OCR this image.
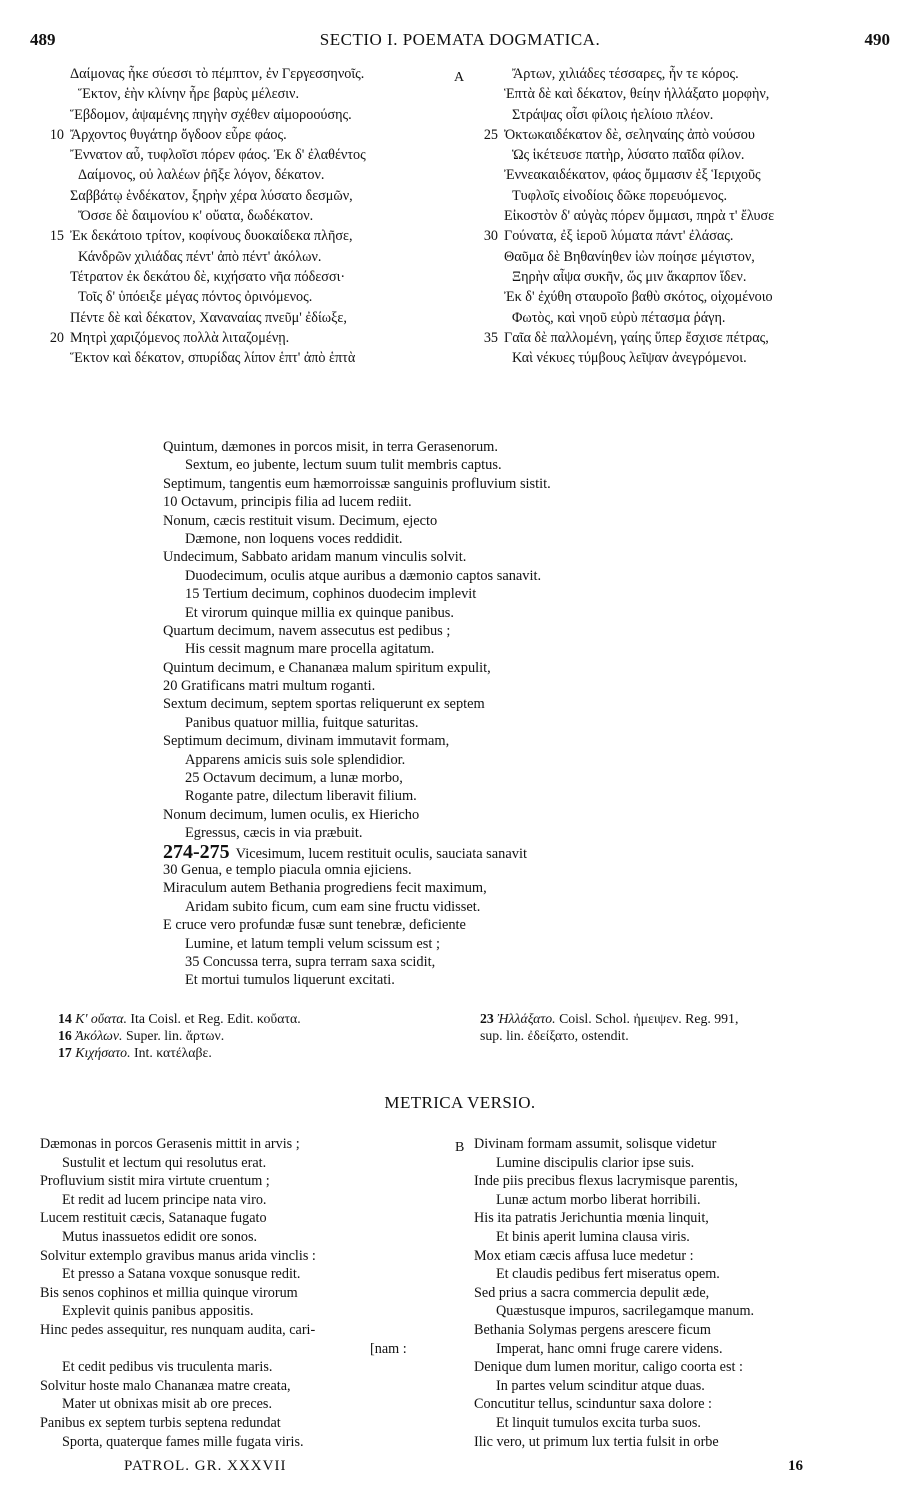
489	SECTIO I. POEMATA DOGMATICA.	490
Δαίμονας ἧκε σύεσσι τὸ πέμπτον, ἐν Γεργεσσηνοῖς.
Ἕκτον, ἑὴν κλίνην ἦρε βαρὺς μέλεσιν.
Ἕβδομον, ἀψαμένης πηγὴν σχέθεν αἱμοροούσης.
10 Ἄρχοντος θυγάτηρ ὄγδοον εὗρε φάος.
Ἔννατον αὖ, τυφλοῖσι πόρεν φάος. Ἐκ δ' ἐλαθέντος
Δαίμονος, οὐ λαλέων ῥῆξε λόγον, δέκατον.
Σαββάτῳ ἑνδέκατον, ξηρὴν χέρα λύσατο δεσμῶν,
Ὄσσε δὲ δαιμονίου κ' οὔατα, δωδέκατον.
15 Ἐκ δεκάτοιο τρίτον, κοφίνους δυοκαίδεκα πλῆσε,
Κάνδρῶν χιλιάδας πέντ' ἀπὸ πέντ' ἀκόλων.
Τέτρατον ἐκ δεκάτου δὲ, κιχήσατο νῆα πόδεσσι·
Τοῖς δ' ὑπόειξε μέγας πόντος ὀρινόμενος.
Πέντε δὲ καὶ δέκατον, Χαναναίας πνεῦμ' ἐδίωξε,
20 Μητρὶ χαριζόμενος πολλὰ λιταζομένῃ.
Ἕκτον καὶ δέκατον, σπυρίδας λίπον ἑπτ' ἀπὸ ἑπτὰ
A	Ἄρτων, χιλιάδες τέσσαρες, ἦν τε κόρος.
Ἑπτὰ δὲ καὶ δέκατον, θείην ἠλλάξατο μορφὴν,
Στράψας οἷσι φίλοις ἠελίοιο πλέον.
25 Ὀκτωκαιδέκατον δὲ, σεληναίης ἀπὸ νούσου
Ὡς ἱκέτευσε πατὴρ, λύσατο παῖδα φίλον.
Ἐννεακαιδέκατον, φάος ὄμμασιν ἐξ Ἱεριχοῦς
Τυφλοῖς εἰνοδίοις δῶκε πορευόμενος.
Εἰκοστὸν δ' αὐγὰς πόρεν ὄμμασι, πηρὰ τ' ἔλυσε
30 Γούνατα, ἐξ ἱεροῦ λύματα πάντ' ἐλάσας.
Θαῦμα δὲ Βηθανίηθεν ἰὼν ποίησε μέγιστον,
Ξηρὴν αἶψα συκῆν, ὥς μιν ἄκαρπον ἴδεν.
Ἐκ δ' ἐχύθη σταυροῖο βαθὺ σκότος, οἰχομένοιο
Φωτὸς, καὶ νηοῦ εὐρὺ πέτασμα ῥάγη.
35 Γαῖα δὲ παλλομένη, γαίης ὕπερ ἔσχισε πέτρας,
Καὶ νέκυες τύμβους λεῖψαν ἀνεγρόμενοι.
Quintum, dæmones in porcos misit, in terra Gerasenorum.
Sextum, eo jubente, lectum suum tulit membris captus.
Septimum, tangentis eum hæmorroissæ sanguinis profluvium sistit.
10 Octavum, principis filia ad lucem rediit.
Nonum, cæcis restituit visum. Decimum, ejecto
Dæmone, non loquens voces reddidit.
Undecimum, Sabbato aridam manum vinculis solvit.
Duodecimum, oculis atque auribus a dæmonio captos sanavit.
15 Tertium decimum, cophinos duodecim implevit
Et virorum quinque millia ex quinque panibus.
Quartum decimum, navem assecutus est pedibus ;
His cessit magnum mare procella agitatum.
Quintum decimum, e Chananæa malum spiritum expulit,
20 Gratificans matri multum roganti.
Sextum decimum, septem sportas reliquerunt ex septem
Panibus quatuor millia, fuitque saturitas.
Septimum decimum, divinam immutavit formam,
Apparens amicis suis sole splendidior.
25 Octavum decimum, a lunæ morbo,
Rogante patre, dilectum liberavit filium.
Nonum decimum, lumen oculis, ex Hiericho
Egressus, cæcis in via præbuit.
274-275 Vicesimum, lucem restituit oculis, sauciata sanavit
30 Genua, e templo piacula omnia ejiciens.
Miraculum autem Bethania progrediens fecit maximum,
Aridam subito ficum, cum eam sine fructu vidisset.
E cruce vero profundæ fusæ sunt tenebræ, deficiente
Lumine, et latum templi velum scissum est ;
35 Concussa terra, supra terram saxa scidit,
Et mortui tumulos liquerunt excitati.
14 Κ' οὔατα. Ita Coisl. et Reg. Edit. κοὔατα.
16 Ἀκόλων. Super. lin. ἄρτων.
17 Κιχήσατο. Int. κατέλαβε.
23 Ἠλλάξατο. Coisl. Schol. ἠμειψεν. Reg. 991,
sup. lin. ἐδείξατο, ostendit.
METRICA VERSIO.
Dæmonas in porcos Gerasenis mittit in arvis ;
Sustulit et lectum qui resolutus erat.
Profluvium sistit mira virtute cruentum ;
Et redit ad lucem principe nata viro.
Lucem restituit cæcis, Satanaque fugato
Mutus inassuetos edidit ore sonos.
Solvitur extemplo gravibus manus arida vinclis :
Et presso a Satana voxque sonusque redit.
Bis senos cophinos et millia quinque virorum
Explevit quinis panibus appositis.
Hinc pedes assequitur, res nunquam audita, cari-
[nam :
Et cedit pedibus vis truculenta maris.
Solvitur hoste malo Chananæa matre creata,
Mater ut obnixas misit ab ore preces.
Panibus ex septem turbis septena redundat
Sporta, quaterque fames mille fugata viris.
B Divinam formam assumit, solisque videtur
Lumine discipulis clarior ipse suis.
Inde piis precibus flexus lacrymisque parentis,
Lunæ actum morbo liberat horribili.
His ita patratis Jerichuntia mœnia linquit,
Et binis aperit lumina clausa viris.
Mox etiam cæcis affusa luce medetur :
Et claudis pedibus fert miseratus opem.
Sed prius a sacra commercia depulit æde,
Quæstusque impuros, sacrilegamque manum.
Bethania Solymas pergens arescere ficum
Imperat, hanc omni fruge carere videns.
Denique dum lumen moritur, caligo coorta est :
In partes velum scinditur atque duas.
Concutitur tellus, scinduntur saxa dolore :
Et linquit tumulos excita turba suos.
Ilic vero, ut primum lux tertia fulsit in orbe
PATROL. GR. XXXVII	16
